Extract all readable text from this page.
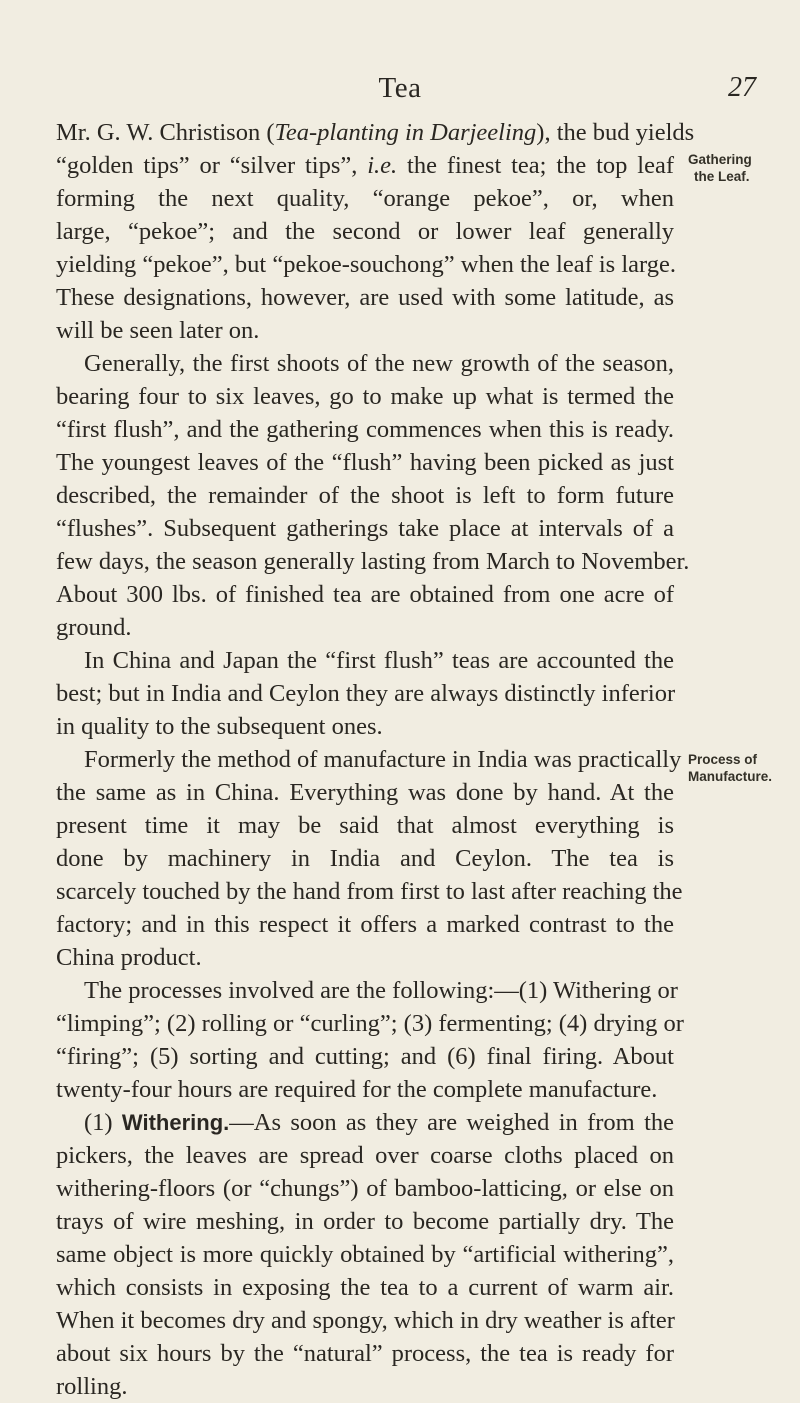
Tea	27
Gathering
the Leaf.
Process of
Manufacture.
Mr. G. W. Christison (Tea-planting in Darjeeling), the bud yields
“golden tips” or “silver tips”, i.e. the finest tea; the top leaf
forming the next quality, “orange pekoe”, or, when
large, “pekoe”; and the second or lower leaf generally
yielding “pekoe”, but “pekoe-souchong” when the leaf is large.
These designations, however, are used with some latitude, as
will be seen later on.
Generally, the first shoots of the new growth of the season,
bearing four to six leaves, go to make up what is termed the
“first flush”, and the gathering commences when this is ready.
The youngest leaves of the “flush” having been picked as just
described, the remainder of the shoot is left to form future
“flushes”. Subsequent gatherings take place at intervals of a
few days, the season generally lasting from March to November.
About 300 lbs. of finished tea are obtained from one acre of
ground.
In China and Japan the “first flush” teas are accounted the
best; but in India and Ceylon they are always distinctly inferior
in quality to the subsequent ones.
Formerly the method of manufacture in India was practically
the same as in China. Everything was done by hand. At the
present time it may be said that almost everything is
done by machinery in India and Ceylon. The tea is
scarcely touched by the hand from first to last after reaching the
factory; and in this respect it offers a marked contrast to the
China product.
The processes involved are the following:—(1) Withering or
“limping”; (2) rolling or “curling”; (3) fermenting; (4) drying or
“firing”; (5) sorting and cutting; and (6) final firing. About
twenty-four hours are required for the complete manufacture.
(1) Withering.—As soon as they are weighed in from the
pickers, the leaves are spread over coarse cloths placed on
withering-floors (or “chungs”) of bamboo-latticing, or else on
trays of wire meshing, in order to become partially dry. The
same object is more quickly obtained by “artificial withering”,
which consists in exposing the tea to a current of warm air.
When it becomes dry and spongy, which in dry weather is after
about six hours by the “natural” process, the tea is ready for
rolling.
